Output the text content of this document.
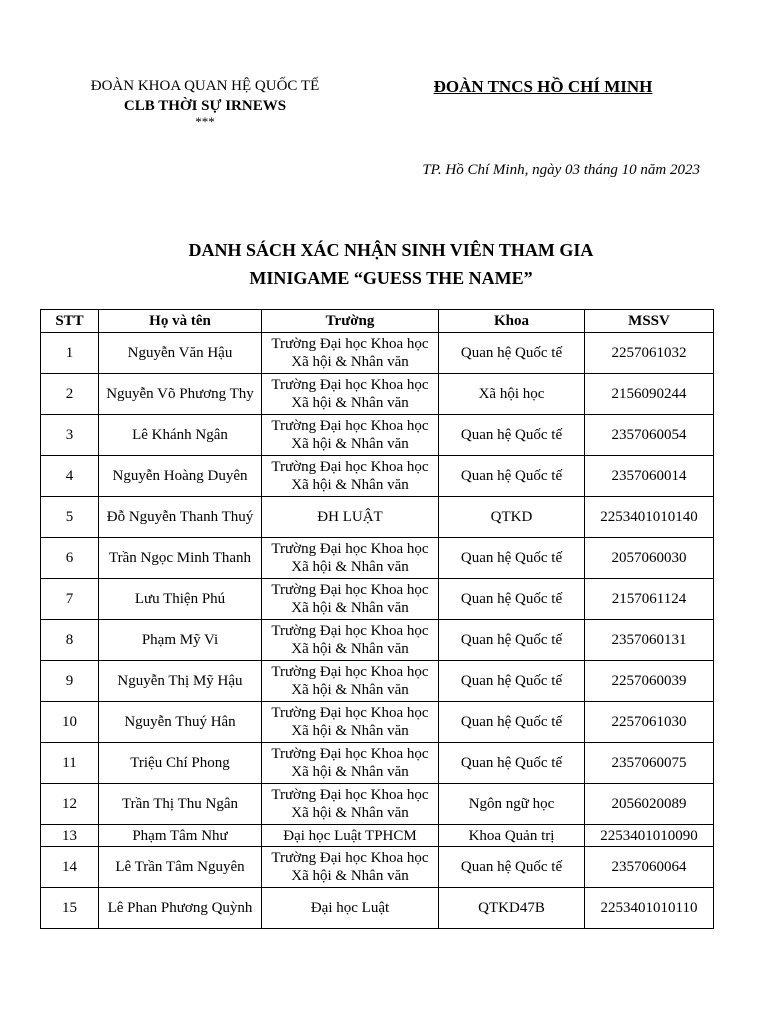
ĐOÀN KHOA QUAN HỆ QUỐC TẾ
CLB THỜI SỰ IRNEWS
***
ĐOÀN TNCS HỒ CHÍ MINH
TP. Hồ Chí Minh, ngày 03 tháng 10 năm 2023
DANH SÁCH XÁC NHẬN SINH VIÊN THAM GIA
MINIGAME “GUESS THE NAME”
STT	Họ và tên	Trường	Khoa	MSSV
1	Nguyễn Văn Hậu	Trường Đại học Khoa học Xã hội & Nhân văn	Quan hệ Quốc tế	2257061032
2	Nguyễn Võ Phương Thy	Trường Đại học Khoa học Xã hội & Nhân văn	Xã hội học	2156090244
3	Lê Khánh Ngân	Trường Đại học Khoa học Xã hội & Nhân văn	Quan hệ Quốc tế	2357060054
4	Nguyễn Hoàng Duyên	Trường Đại học Khoa học Xã hội & Nhân văn	Quan hệ Quốc tế	2357060014
5	Đỗ Nguyễn Thanh Thuý	ĐH LUẬT	QTKD	2253401010140
6	Trần Ngọc Minh Thanh	Trường Đại học Khoa học Xã hội & Nhân văn	Quan hệ Quốc tế	2057060030
7	Lưu Thiện Phú	Trường Đại học Khoa học Xã hội & Nhân văn	Quan hệ Quốc tế	2157061124
8	Phạm Mỹ Vi	Trường Đại học Khoa học Xã hội & Nhân văn	Quan hệ Quốc tế	2357060131
9	Nguyễn Thị Mỹ Hậu	Trường Đại học Khoa học Xã hội & Nhân văn	Quan hệ Quốc tế	2257060039
10	Nguyễn Thuý Hân	Trường Đại học Khoa học Xã hội & Nhân văn	Quan hệ Quốc tế	2257061030
11	Triệu Chí Phong	Trường Đại học Khoa học Xã hội & Nhân văn	Quan hệ Quốc tế	2357060075
12	Trần Thị Thu Ngân	Trường Đại học Khoa học Xã hội & Nhân văn	Ngôn ngữ học	2056020089
13	Phạm Tâm Như	Đại học Luật TPHCM	Khoa Quản trị	2253401010090
14	Lê Trần Tâm Nguyên	Trường Đại học Khoa học Xã hội & Nhân văn	Quan hệ Quốc tế	2357060064
15	Lê Phan Phương Quỳnh	Đại học Luật	QTKD47B	2253401010110
